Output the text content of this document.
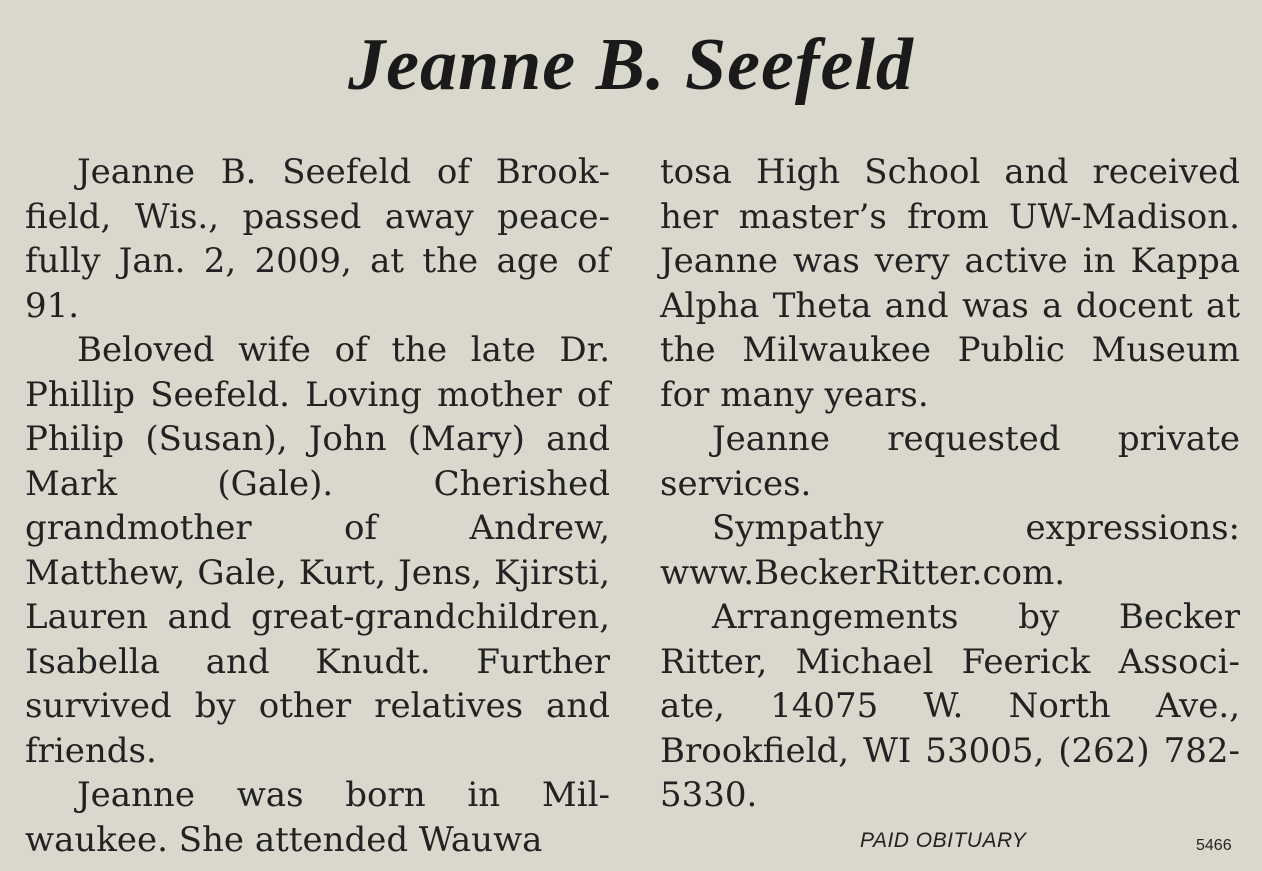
Jeanne B. Seefeld

Jeanne B. Seefeld of Brookfield, Wis., passed away peacefully Jan. 2, 2009, at the age of 91.

Beloved wife of the late Dr. Phillip Seefeld. Loving mother of Philip (Susan), John (Mary) and Mark (Gale). Cherished grandmother of Andrew, Matthew, Gale, Kurt, Jens, Kjirsti, Lauren and great-grandchildren, Isabella and Knudt. Further survived by other relatives and friends.

Jeanne was born in Milwaukee. She attended Wauwa

tosa High School and received her master’s from UW-Madison. Jeanne was very active in Kappa Alpha Theta and was a docent at the Milwaukee Public Museum for many years.

Jeanne requested private services.

Sympathy expressions: www.BeckerRitter.com.

Arrangements by Becker Ritter, Michael Feerick Associate, 14075 W. North Ave., Brookfield, WI 53005, (262) 782-5330.

PAID OBITUARY	5466
